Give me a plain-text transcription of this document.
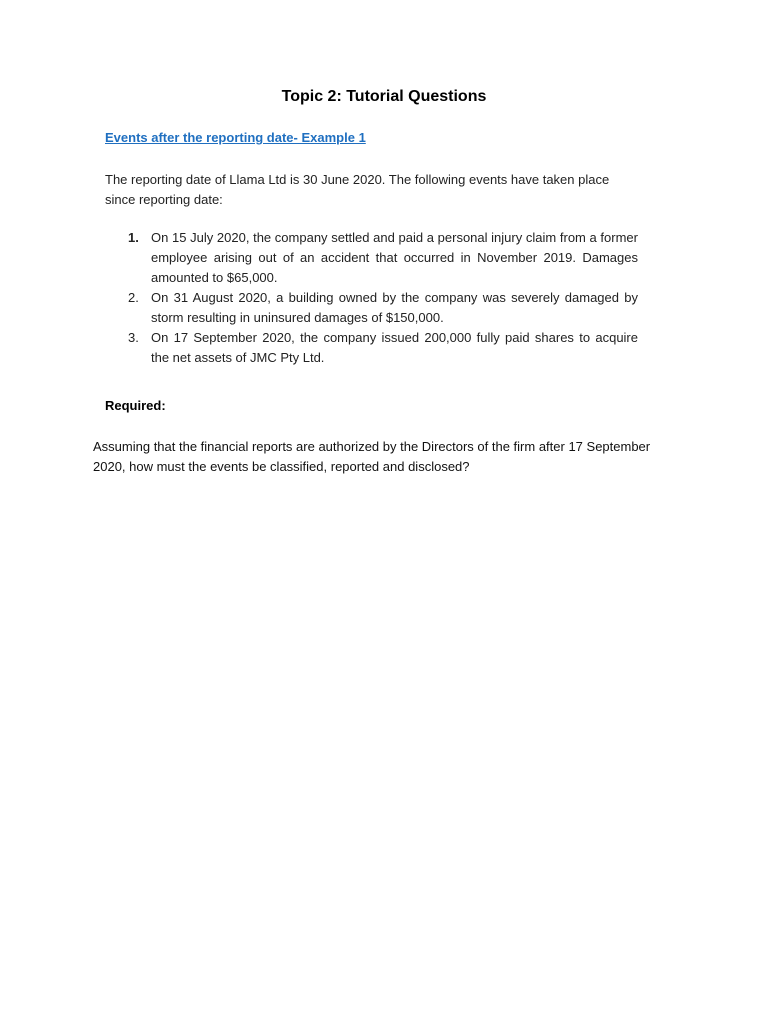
Topic 2: Tutorial Questions
Events after the reporting date- Example 1
The reporting date of Llama Ltd is 30 June 2020. The following events have taken place since reporting date:
1. On 15 July 2020, the company settled and paid a personal injury claim from a former employee arising out of an accident that occurred in November 2019. Damages amounted to $65,000.
2. On 31 August 2020, a building owned by the company was severely damaged by storm resulting in uninsured damages of $150,000.
3. On 17 September 2020, the company issued 200,000 fully paid shares to acquire the net assets of JMC Pty Ltd.
Required:
Assuming that the financial reports are authorized by the Directors of the firm after 17 September 2020, how must the events be classified, reported and disclosed?
